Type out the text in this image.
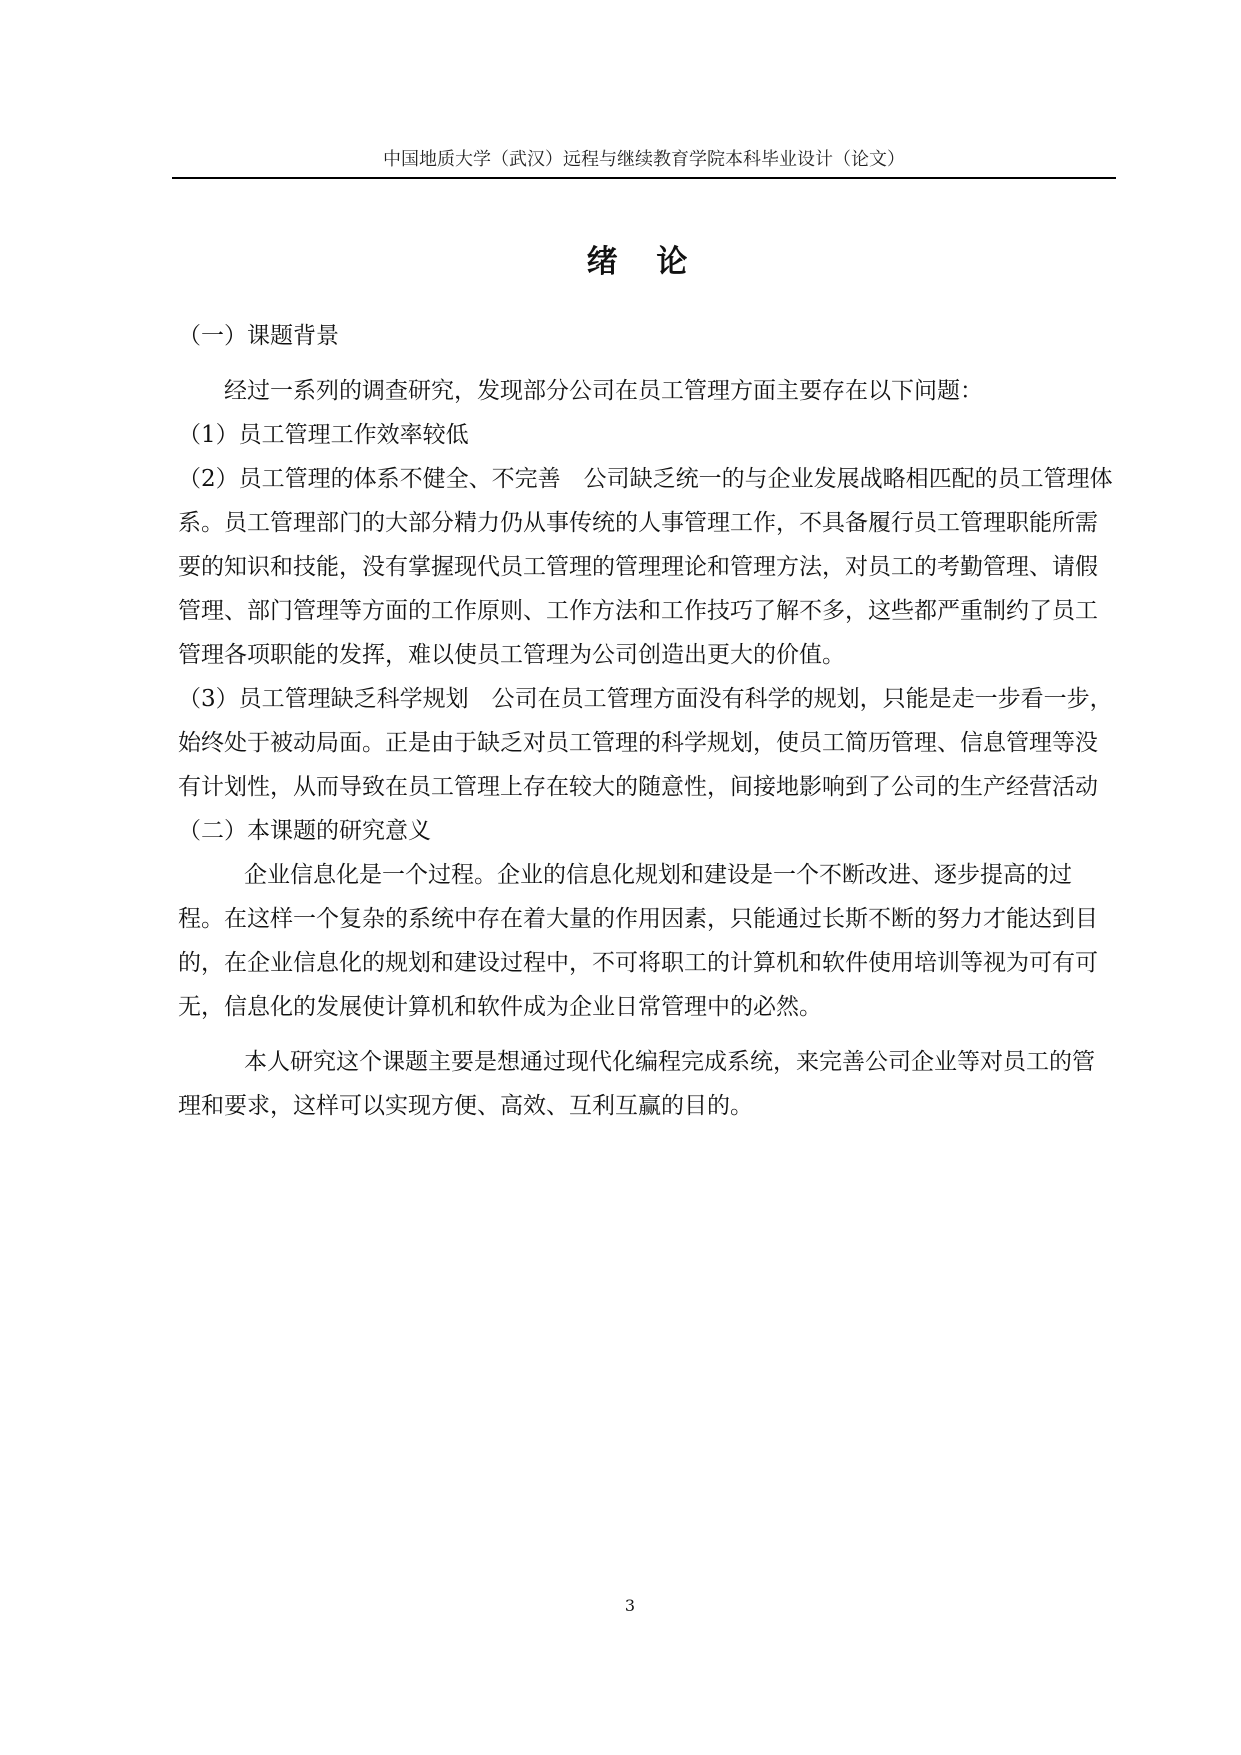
中国地质大学（武汉）远程与继续教育学院本科毕业设计（论文）
绪 论

（一）课题背景

经过一系列的调查研究，发现部分公司在员工管理方面主要存在以下问题：

（1）员工管理工作效率较低

（2）员工管理的体系不健全、不完善　公司缺乏统一的与企业发展战略相匹配的员工管理体系。员工管理部门的大部分精力仍从事传统的人事管理工作，不具备履行员工管理职能所需要的知识和技能，没有掌握现代员工管理的管理理论和管理方法，对员工的考勤管理、请假管理、部门管理等方面的工作原则、工作方法和工作技巧了解不多，这些都严重制约了员工管理各项职能的发挥，难以使员工管理为公司创造出更大的价值。

（3）员工管理缺乏科学规划　公司在员工管理方面没有科学的规划，只能是走一步看一步，始终处于被动局面。正是由于缺乏对员工管理的科学规划，使员工简历管理、信息管理等没有计划性，从而导致在员工管理上存在较大的随意性，间接地影响到了公司的生产经营活动

（二）本课题的研究意义

企业信息化是一个过程。企业的信息化规划和建设是一个不断改进、逐步提高的过程。在这样一个复杂的系统中存在着大量的作用因素，只能通过长斯不断的努力才能达到目的，在企业信息化的规划和建设过程中，不可将职工的计算机和软件使用培训等视为可有可无，信息化的发展使计算机和软件成为企业日常管理中的必然。

本人研究这个课题主要是想通过现代化编程完成系统，来完善公司企业等对员工的管理和要求，这样可以实现方便、高效、互利互赢的目的。

3
